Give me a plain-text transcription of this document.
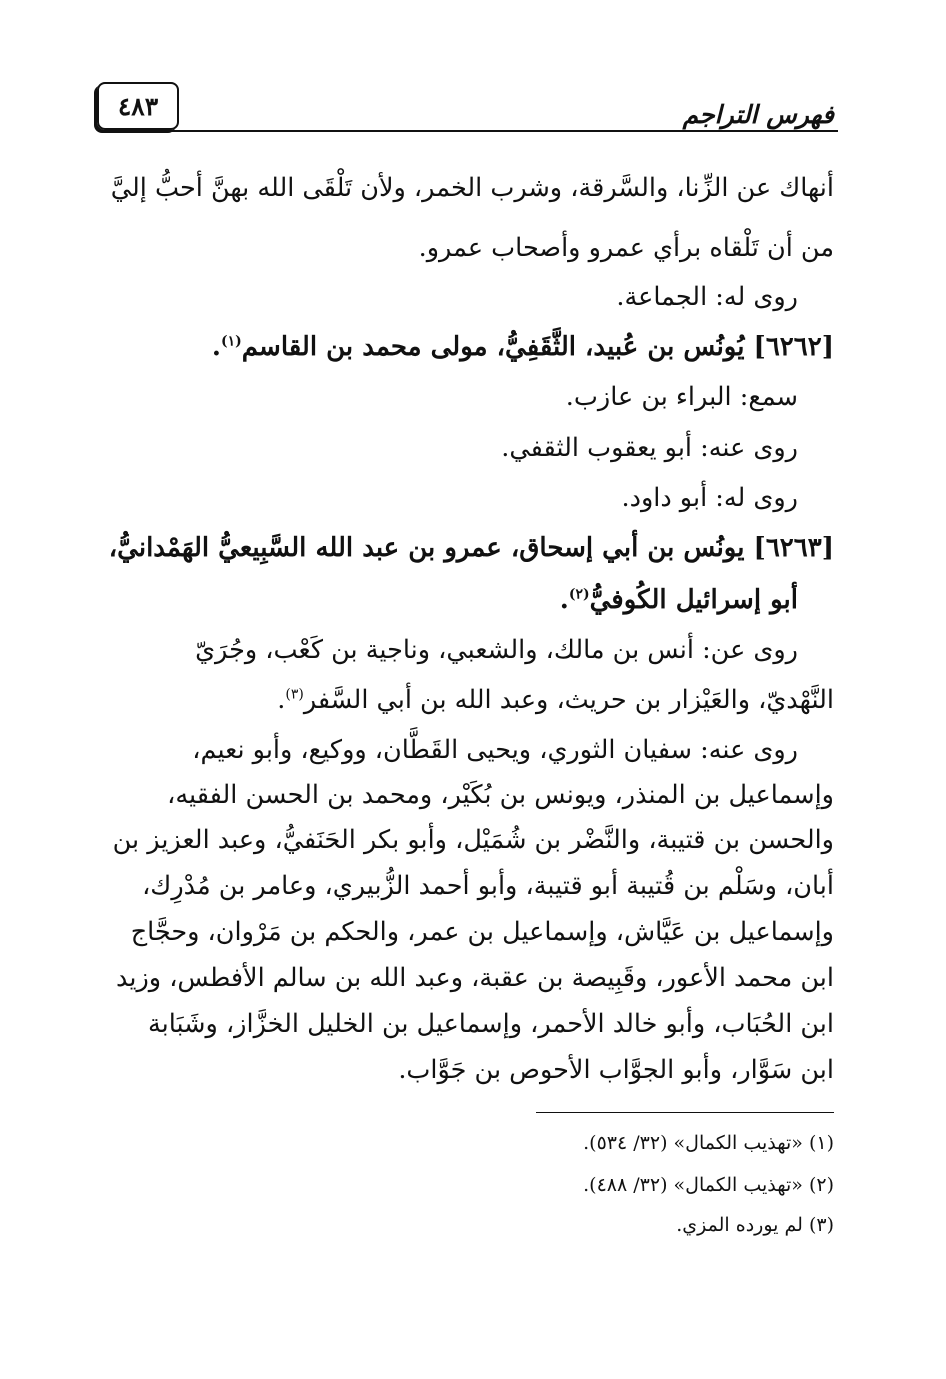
٤٨٣	فهرس التراجم
أنهاك عن الزِّنا، والسَّرقة، وشرب الخمر، ولأن تَلْقَى الله بهنَّ أحبُّ إليَّ
من أن تَلْقاه برأي عمرو وأصحاب عمرو.
روى له: الجماعة.
[٦٢٦٢] يُونُس بن عُبيد، الثَّقَفِيُّ، مولى محمد بن القاسم$^{(١)}$.
سمع: البراء بن عازب.
روى عنه: أبو يعقوب الثقفي.
روى له: أبو داود.
[٦٢٦٣] يونُس بن أبي إسحاق، عمرو بن عبد الله السَّبِيعيُّ الهَمْدانيُّ،
أبو إسرائيل الكُوفيُّ$^{(٢)}$.
روى عن: أنس بن مالك، والشعبي، وناجية بن كَعْب، وجُرَيّ
النَّهْديّ، والعَيْزار بن حريث، وعبد الله بن أبي السَّفر$^{(٣)}$.
روى عنه: سفيان الثوري، ويحيى القَطَّان، ووكيع، وأبو نعيم،
وإسماعيل بن المنذر، ويونس بن بُكَيْر، ومحمد بن الحسن الفقيه،
والحسن بن قتيبة، والنَّضْر بن شُمَيْل، وأبو بكر الحَنَفيُّ، وعبد العزيز بن
أبان، وسَلْم بن قُتيبة أبو قتيبة، وأبو أحمد الزُّبيري، وعامر بن مُدْرِك،
وإسماعيل بن عَيَّاش، وإسماعيل بن عمر، والحكم بن مَرْوان، وحجَّاج
ابن محمد الأعور، وقَبِيصة بن عقبة، وعبد الله بن سالم الأفطس، وزيد
ابن الحُبَاب، وأبو خالد الأحمر، وإسماعيل بن الخليل الخزَّاز، وشَبَابة
ابن سَوَّار، وأبو الجوَّاب الأحوص بن جَوَّاب.
(١) «تهذيب الكمال» (٣٢/ ٥٣٤).
(٢) «تهذيب الكمال» (٣٢/ ٤٨٨).
(٣) لم يورده المزي.
